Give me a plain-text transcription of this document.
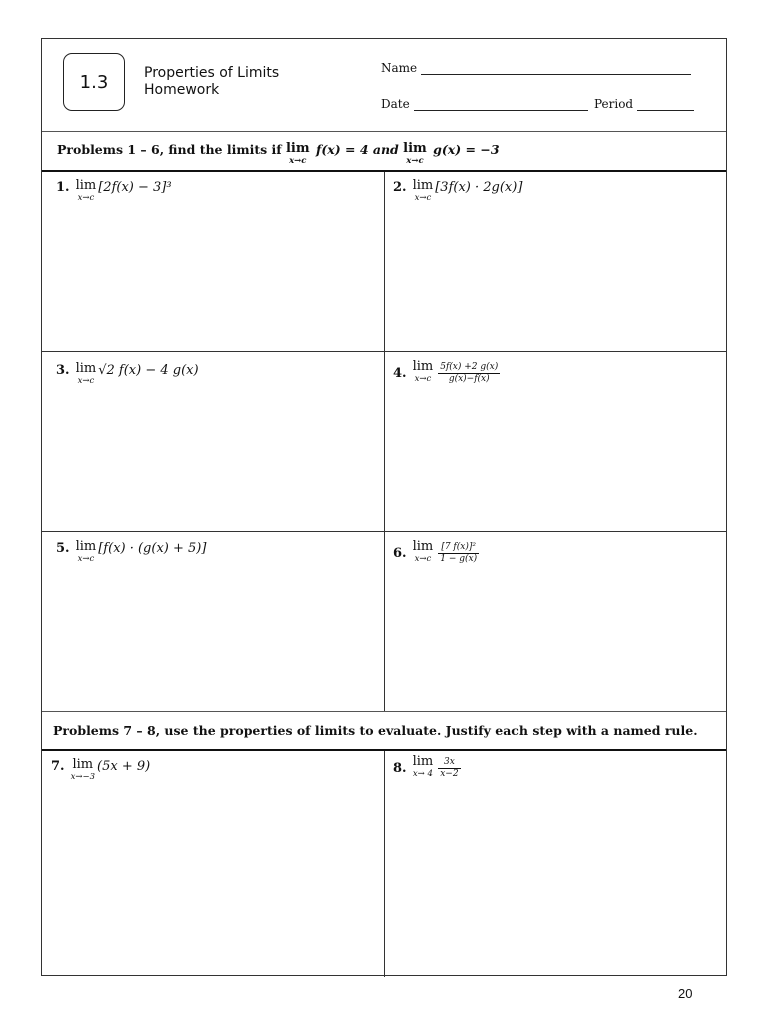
1.3	Properties of Limits
Homework
Name
Date	Period
Problems 1 – 6, find the limits if lim
x→c
f(x) = 4 and lim
x→c
g(x) = −3
1. lim
x→c
[2f(x) − 3]³	2. lim
x→c
[3f(x) · 2g(x)]
3. lim
x→c
√2 f(x) − 4 g(x)	4. lim
$x\to c \frac{5f(x) +2 g(x)}{g(x)-f(x)}$
5. lim
x→c
[f(x) · (g(x) + 5)]	6. lim
$x\to c \frac{\text{[7 f(x)]²}}{1 - g(x)}$
Problems 7 – 8, use the properties of limits to evaluate. Justify each step with a named rule.
7. lim
x→−3
(5x + 9)	8. lim
$x\to 4 \frac{3x}{x-2}$
20
